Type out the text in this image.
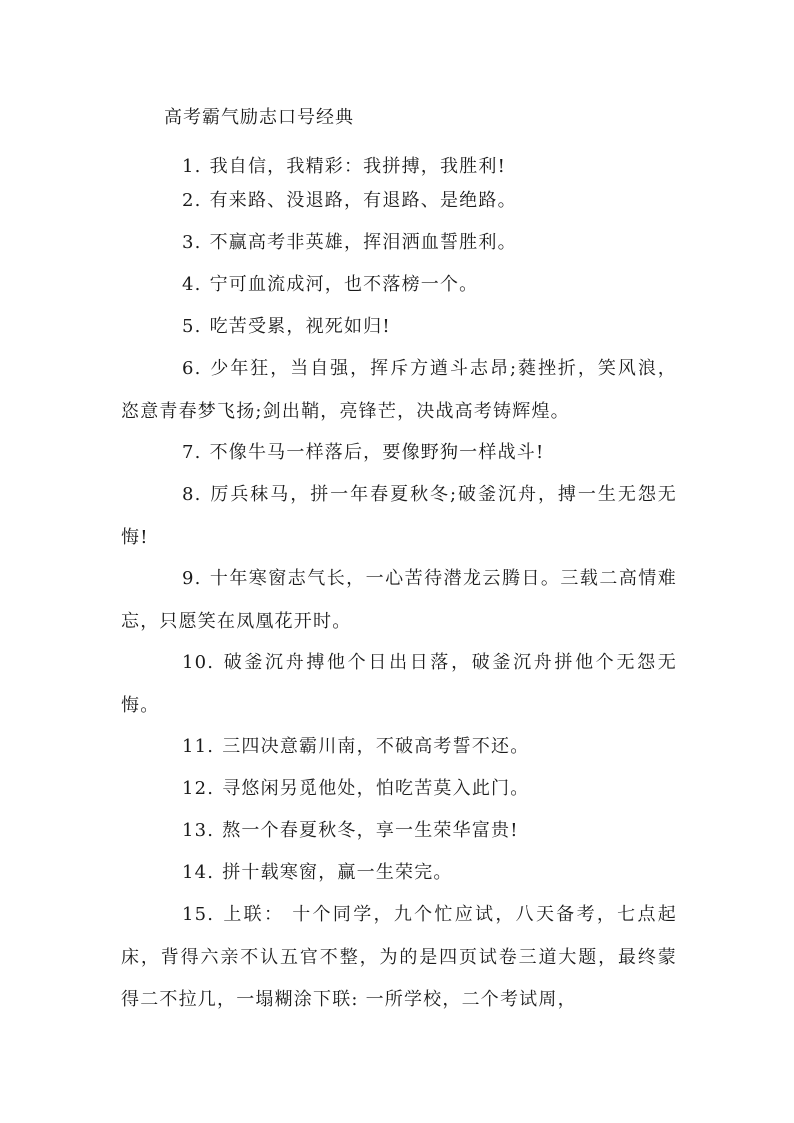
高考霸气励志口号经典

1. 我自信，我精彩：我拼搏，我胜利!

2. 有来路、没退路，有退路、是绝路。

3. 不赢高考非英雄，挥泪洒血誓胜利。

4. 宁可血流成河，也不落榜一个。

5. 吃苦受累，视死如归!

6. 少年狂，当自强，挥斥方遒斗志昂;蕤挫折，笑风浪，恣意青春梦飞扬;剑出鞘，亮锋芒，决战高考铸辉煌。

7. 不像牛马一样落后，要像野狗一样战斗!

8. 厉兵秣马，拼一年春夏秋冬;破釜沉舟，搏一生无怨无悔!

9. 十年寒窗志气长，一心苦待潜龙云腾日。三载二高情难忘，只愿笑在凤凰花开时。

10. 破釜沉舟搏他个日出日落，破釜沉舟拼他个无怨无悔。

11. 三四决意霸川南，不破高考誓不还。

12. 寻悠闲另觅他处，怕吃苦莫入此门。

13. 熬一个春夏秋冬，享一生荣华富贵!

14. 拼十载寒窗，赢一生荣完。

15. 上联： 十个同学，九个忙应试，八天备考，七点起床，背得六亲不认五官不整，为的是四页试卷三道大题，最终蒙得二不拉几，一塌糊涂下联: 一所学校，二个考试周，
